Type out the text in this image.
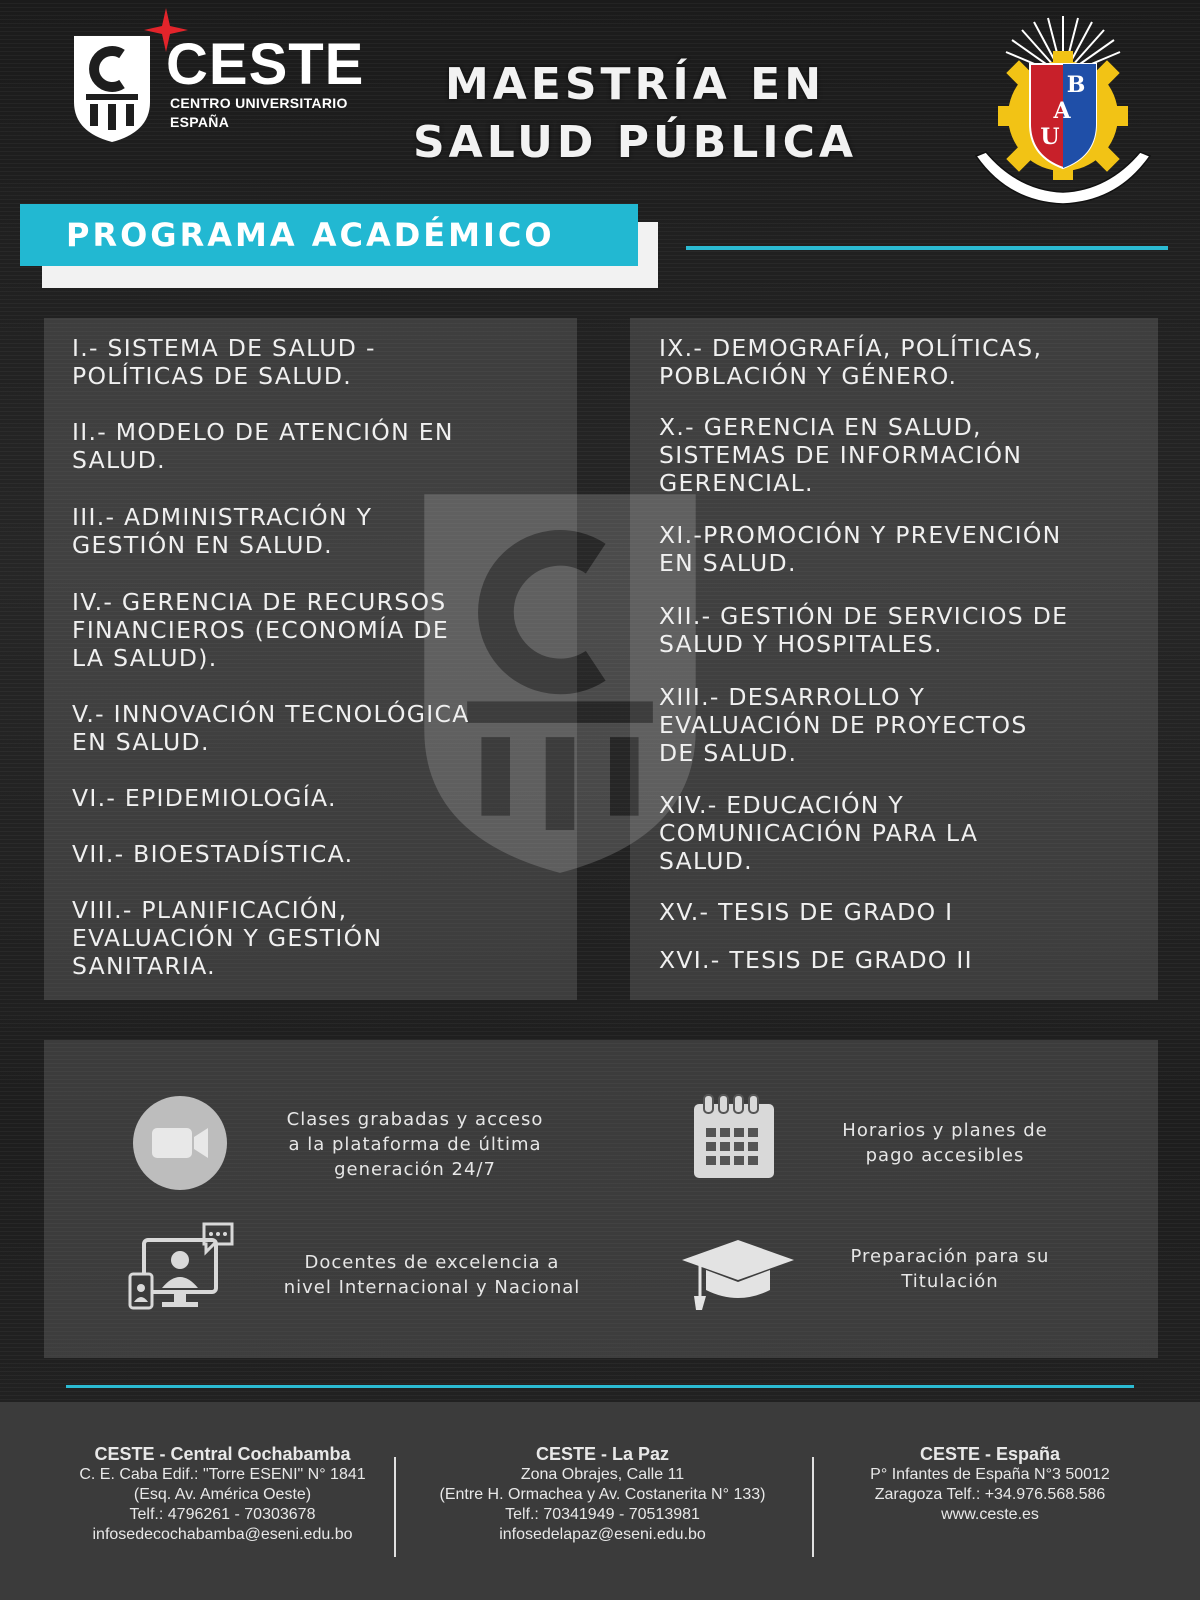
CESTE
CENTRO UNIVERSITARIO
ESPAÑA
MAESTRÍA EN
SALUD PÚBLICA
B
A
U
PROGRAMA ACADÉMICO
I.- SISTEMA DE SALUD -
POLÍTICAS DE SALUD.
II.- MODELO DE ATENCIÓN EN
SALUD.
III.- ADMINISTRACIÓN Y
GESTIÓN EN SALUD.
IV.- GERENCIA DE RECURSOS
FINANCIEROS (ECONOMÍA DE
LA SALUD).
V.- INNOVACIÓN TECNOLÓGICA
EN SALUD.
VI.- EPIDEMIOLOGÍA.
VII.- BIOESTADÍSTICA.
VIII.- PLANIFICACIÓN,
EVALUACIÓN Y GESTIÓN
SANITARIA.
IX.- DEMOGRAFÍA, POLÍTICAS,
POBLACIÓN Y GÉNERO.
X.- GERENCIA EN SALUD,
SISTEMAS DE INFORMACIÓN
GERENCIAL.
XI.-PROMOCIÓN Y PREVENCIÓN
EN SALUD.
XII.- GESTIÓN DE SERVICIOS DE
SALUD Y HOSPITALES.
XIII.- DESARROLLO Y
EVALUACIÓN DE PROYECTOS
DE SALUD.
XIV.- EDUCACIÓN Y
COMUNICACIÓN PARA LA
SALUD.
XV.- TESIS DE GRADO I
XVI.- TESIS DE GRADO II
Clases grabadas y acceso
a la plataforma de última
generación 24/7
Horarios y planes de
pago accesibles
Docentes de excelencia a
nivel Internacional y Nacional
Preparación para su
Titulación
CESTE - Central Cochabamba
C. E. Caba Edif.: "Torre ESENI" N° 1841
(Esq. Av. América Oeste)
Telf.: 4796261 - 70303678
infosedecochabamba@eseni.edu.bo
CESTE - La Paz
Zona Obrajes, Calle 11
(Entre H. Ormachea y Av. Costanerita N° 133)
Telf.: 70341949 - 70513981
infosedelapaz@eseni.edu.bo
CESTE - España
P° Infantes de España N°3 50012
Zaragoza Telf.: +34.976.568.586
www.ceste.es
